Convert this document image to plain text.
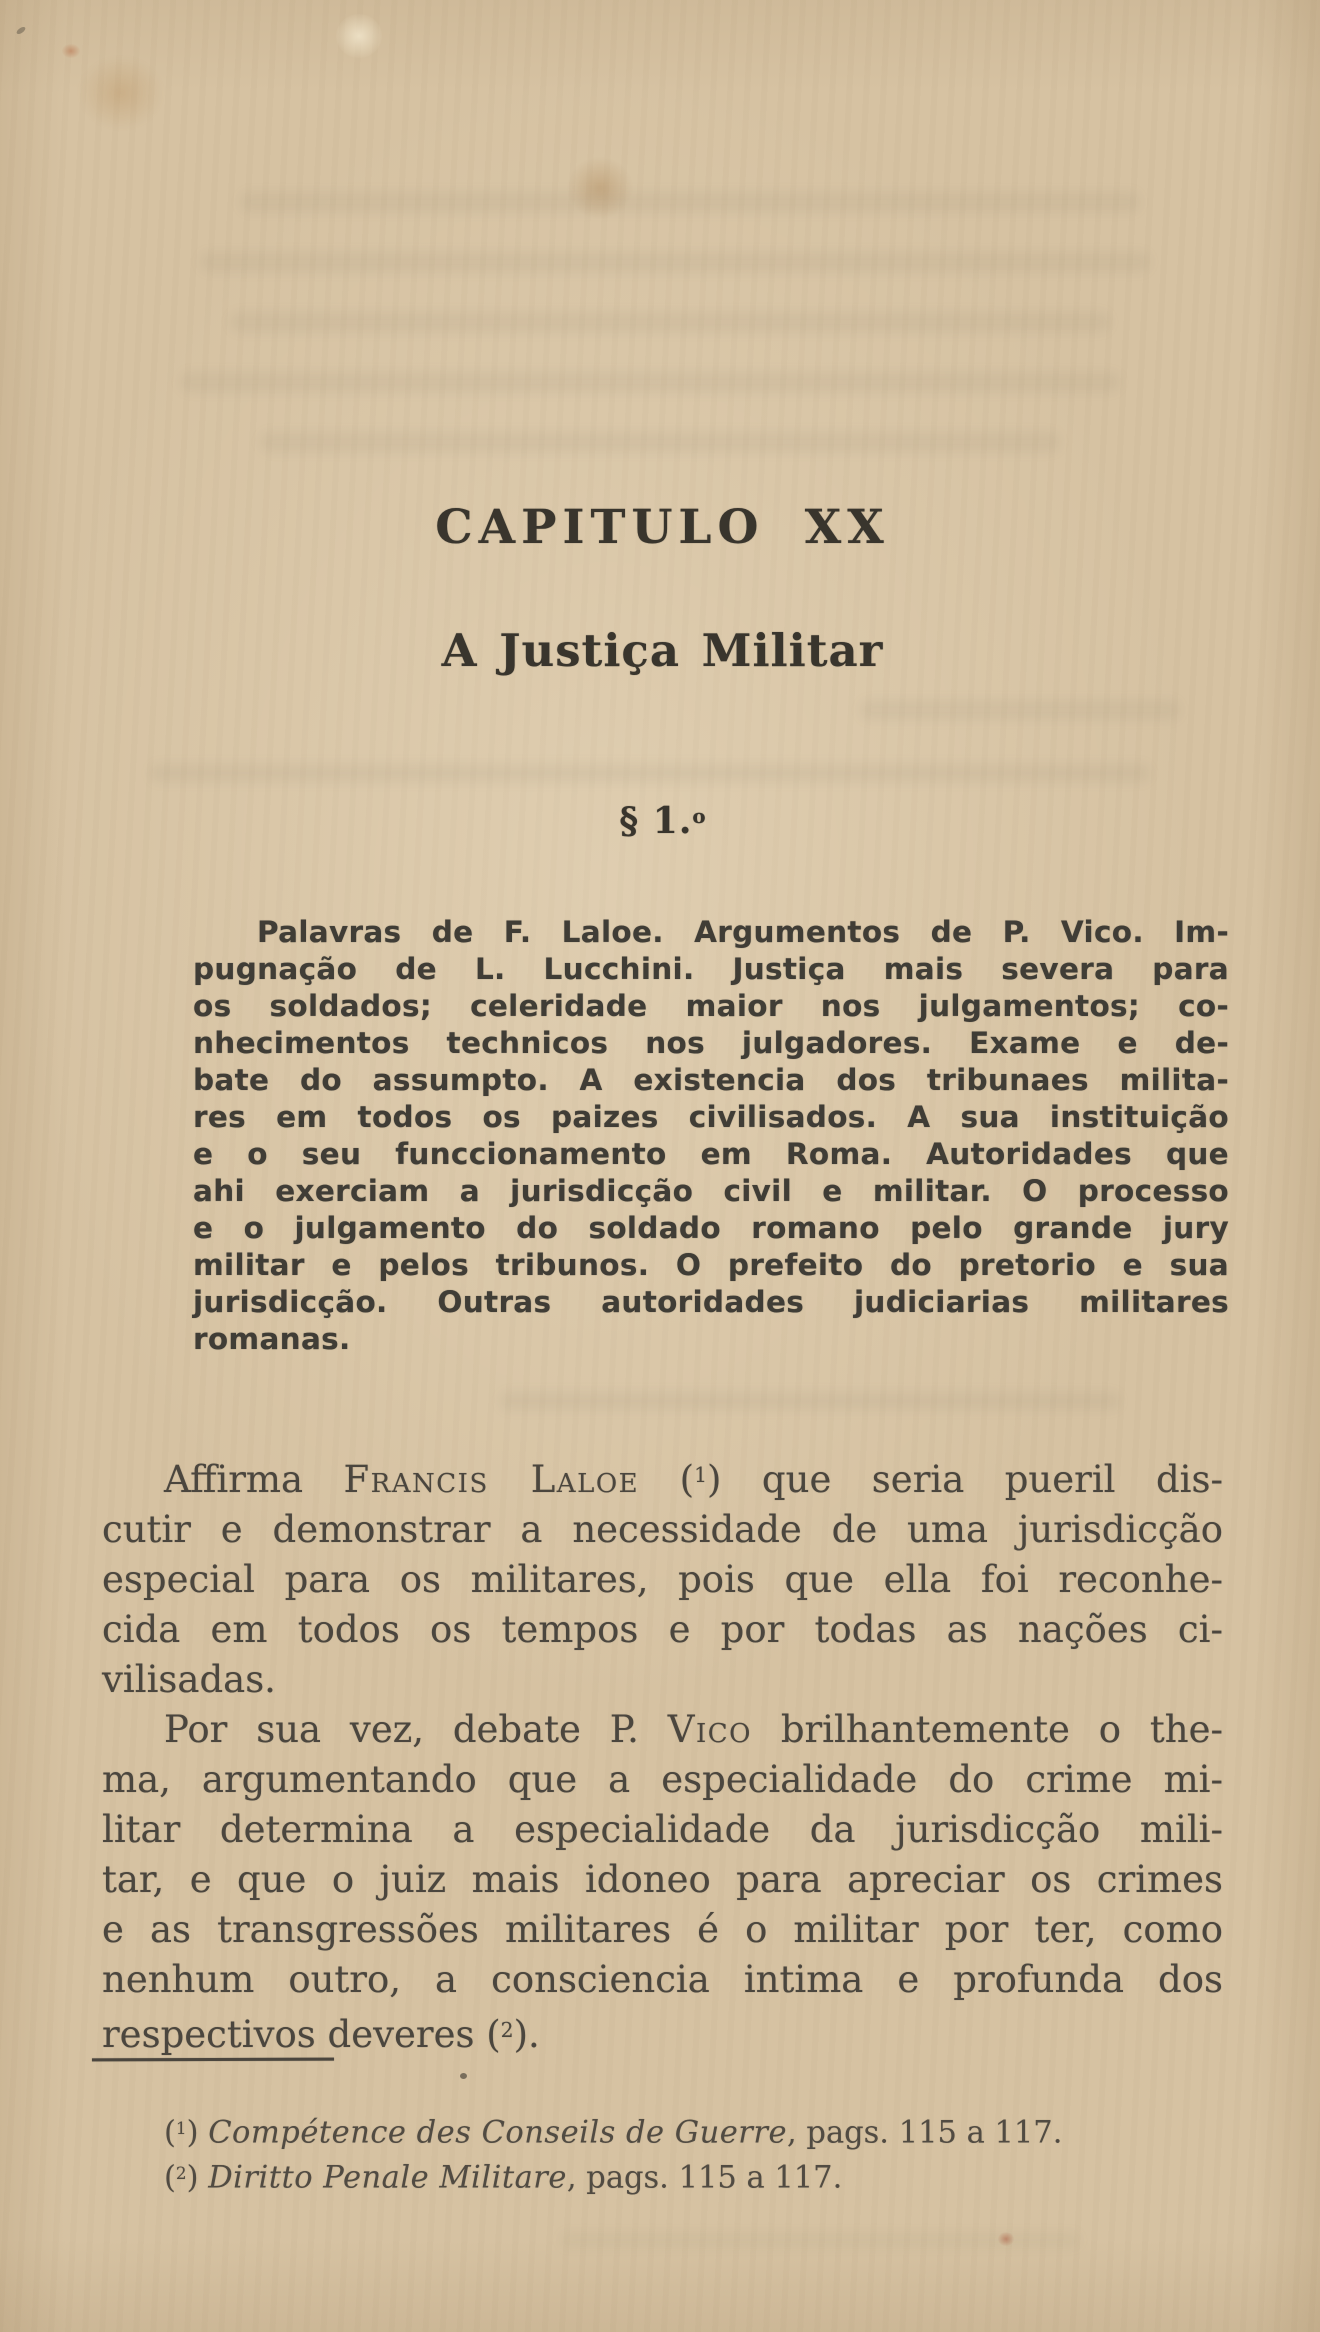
CAPITULO XX
A Justiça Militar
§ 1.$^o$
Palavras de F. Laloe. Argumentos de P. Vico. Im-
pugnação de L. Lucchini. Justiça mais severa para
os soldados; celeridade maior nos julgamentos; co-
nhecimentos technicos nos julgadores. Exame e de-
bate do assumpto. A existencia dos tribunaes milita-
res em todos os paizes civilisados. A sua instituição
e o seu funccionamento em Roma. Autoridades que
ahi exerciam a jurisdicção civil e militar. O processo
e o julgamento do soldado romano pelo grande jury
militar e pelos tribunos. O prefeito do pretorio e sua
jurisdicção. Outras autoridades judiciarias militares
romanas.
Affirma Francis Laloe ($^1$) que seria pueril dis-
cutir e demonstrar a necessidade de uma jurisdicção
especial para os militares, pois que ella foi reconhe-
cida em todos os tempos e por todas as nações ci-
vilisadas.
Por sua vez, debate P. Vico brilhantemente o the-
ma, argumentando que a especialidade do crime mi-
litar determina a especialidade da jurisdicção mili-
tar, e que o juiz mais idoneo para apreciar os crimes
e as transgressões militares é o militar por ter, como
nenhum outro, a consciencia intima e profunda dos
respectivos deveres ($^2$).
($^1$) Compétence des Conseils de Guerre, pags. 115 a 117.
($^2$) Diritto Penale Militare, pags. 115 a 117.
